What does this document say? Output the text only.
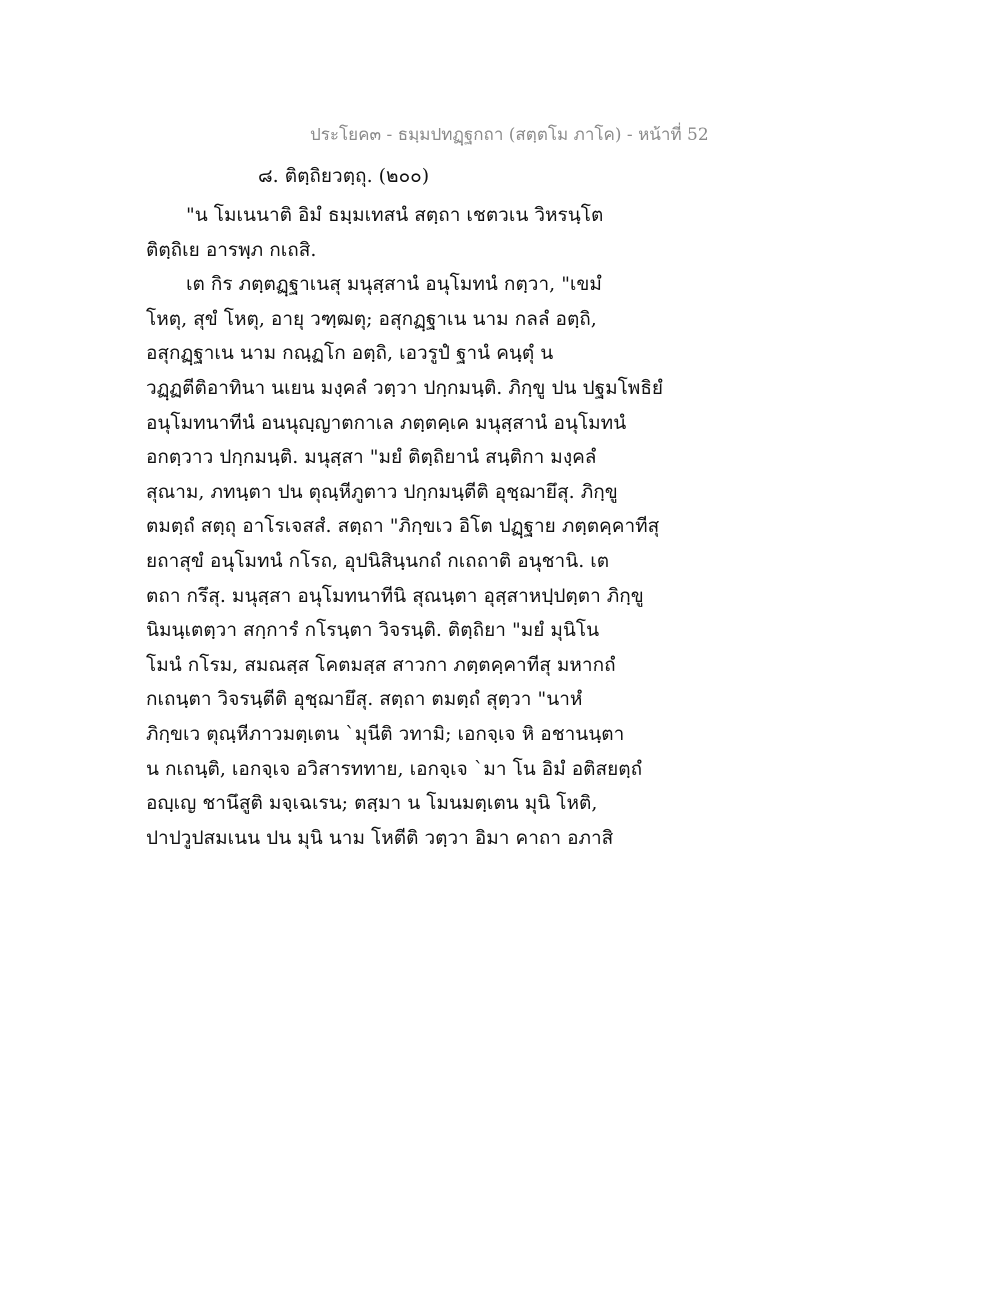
ประโยค๓ - ธมฺมปทฏฺฐกถา (สตฺตโม ภาโค) - หน้าที่ 52
๘. ติตฺถิยวตฺถุ. (๒๐๐)
"น โมเนนาติ อิมํ ธมฺมเทสนํ สตฺถา เชตวเน วิหรนฺโต
ติตฺถิเย อารพฺภ กเถสิ.
เต กิร ภตฺตฏฺฐาเนสุ มนุสฺสานํ อนุโมทนํ กตฺวา, "เขมํ
โหตุ, สุขํ โหตุ, อายุ วฑฺฒตุ; อสุกฏฺฐาเน นาม กลลํ อตฺถิ,
อสุกฏฺฐาเน นาม กณฺฏโก อตฺถิ, เอวรูปํ ฐานํ คนฺตุํ น
วฏฺฏตีติอาทินา นเยน มงฺคลํ วตฺวา ปกฺกมนฺติ. ภิกฺขู ปน ปฐมโพธิยํ
อนุโมทนาทีนํ อนนุญฺญาตกาเล ภตฺตคฺเค มนุสฺสานํ อนุโมทนํ
อกตฺวาว ปกฺกมนฺติ. มนุสฺสา "มยํ ติตฺถิยานํ สนฺติกา มงฺคลํ
สุณาม, ภทนฺตา ปน ตุณฺหีภูตาว ปกฺกมนฺตีติ อุชฺฌายึสุ. ภิกฺขู
ตมตฺถํ สตฺถุ อาโรเจสสํ. สตฺถา "ภิกฺขเว อิโต ปฏฺฐาย ภตฺตคฺคาทีสุ
ยถาสุขํ อนุโมทนํ กโรถ, อุปนิสินฺนกถํ กเถถาติ อนุชานิ. เต
ตถา กรึสุ. มนุสฺสา อนุโมทนาทีนิ สุณนฺตา อุสฺสาหปฺปตฺตา ภิกฺขู
นิมนฺเตตฺวา สกฺการํ กโรนฺตา วิจรนฺติ. ติตฺถิยา "มยํ มุนิโน
โมนํ กโรม, สมณสฺส โคตมสฺส สาวกา ภตฺตคฺคาทีสุ มหากถํ
กเถนฺตา วิจรนฺตีติ อุชฺฌายึสุ. สตฺถา ตมตฺถํ สุตฺวา "นาหํ
ภิกฺขเว ตุณฺหีภาวมตฺเตน `มุนีติ วทามิ; เอกจฺเจ หิ อชานนฺตา
น กเถนฺติ, เอกจฺเจ อวิสารททาย, เอกจฺเจ `มา โน อิมํ อติสยตฺถํ
อญฺเญ ชานึสูติ มจฺเฉเรน; ตสฺมา น โมนมตฺเตน มุนิ โหติ,
ปาปวูปสมเนน ปน มุนิ นาม โหตีติ วตฺวา อิมา คาถา อภาสิ
